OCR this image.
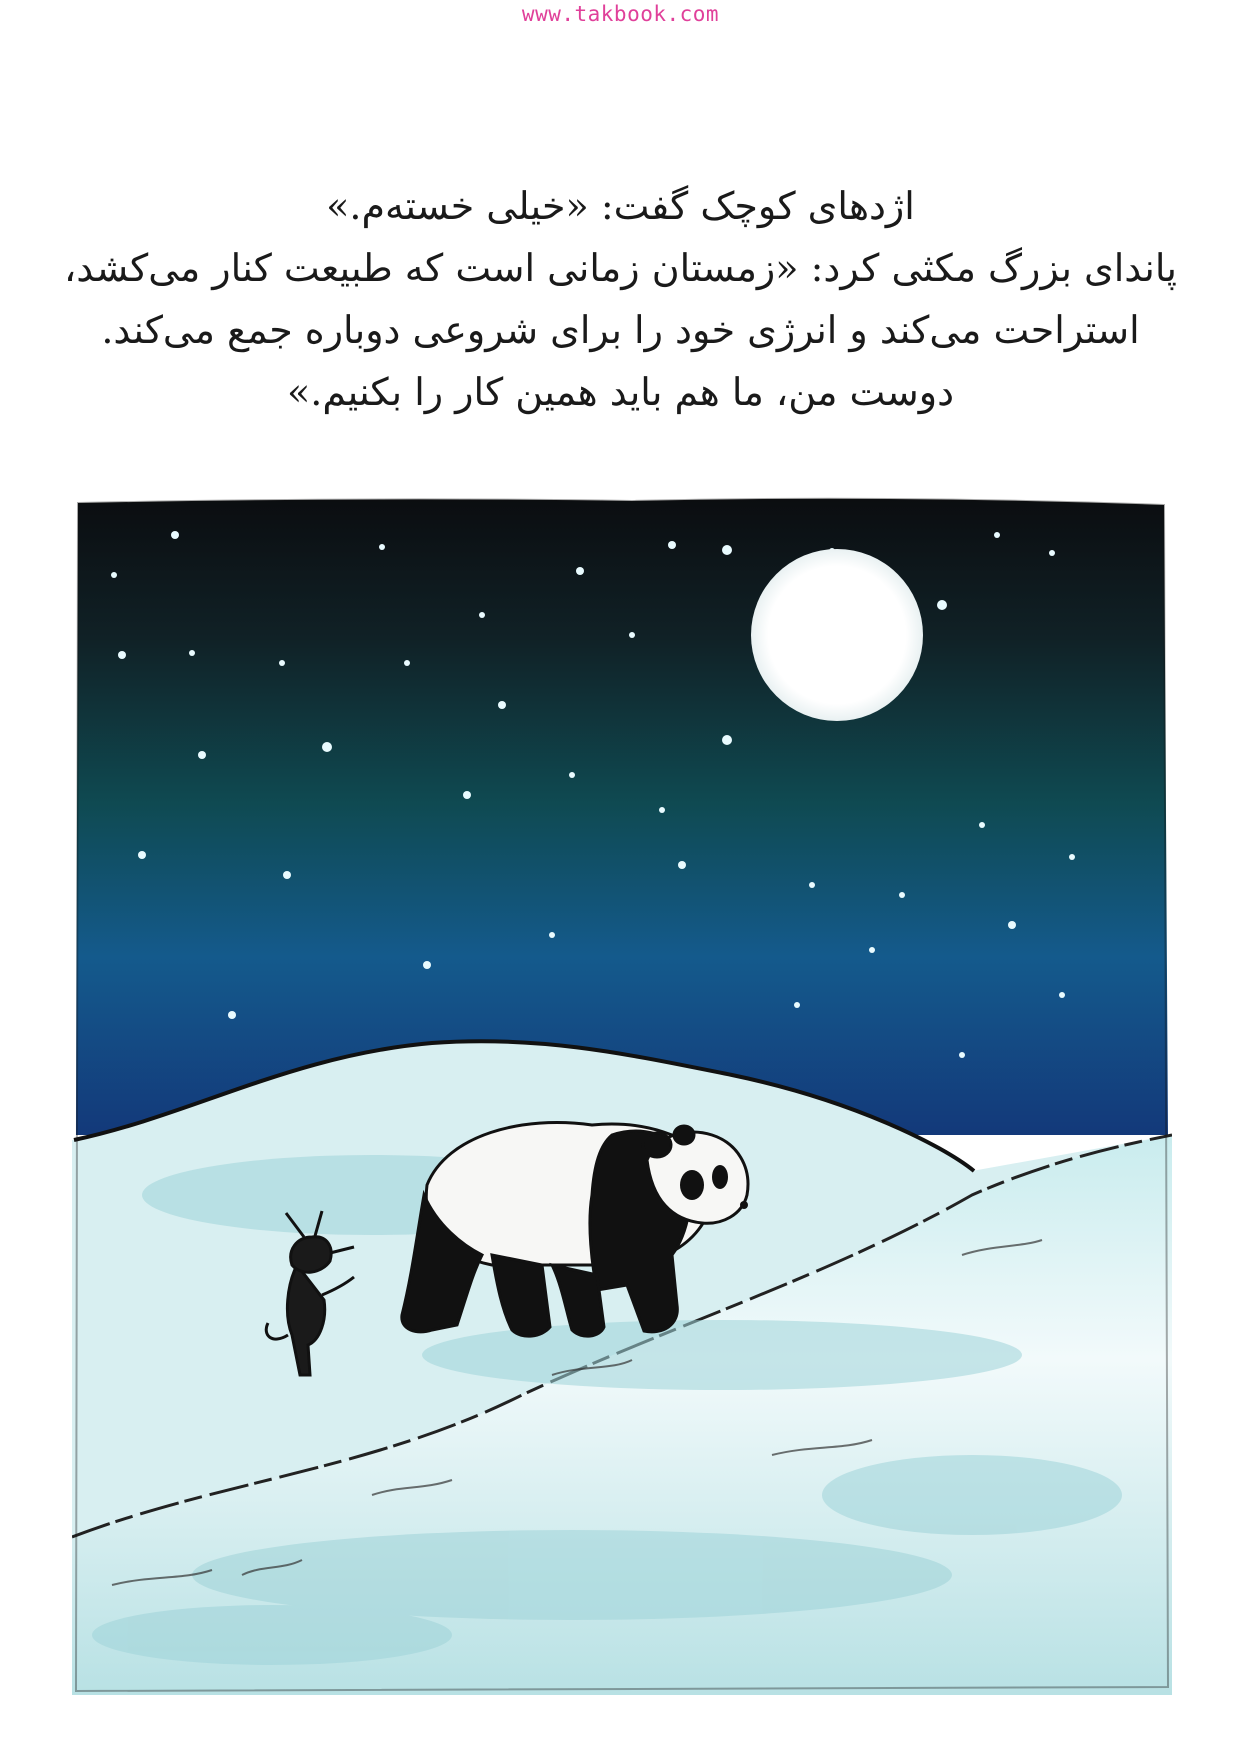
www.takbook.com
اژدهای کوچک گفت: «خیلی خسته‌م.»
پاندای بزرگ مکثی کرد: «زمستان زمانی است که طبیعت کنار می‌کشد،
استراحت می‌کند و انرژی خود را برای شروعی دوباره جمع می‌کند.
دوست من، ما هم باید همین کار را بکنیم.»
